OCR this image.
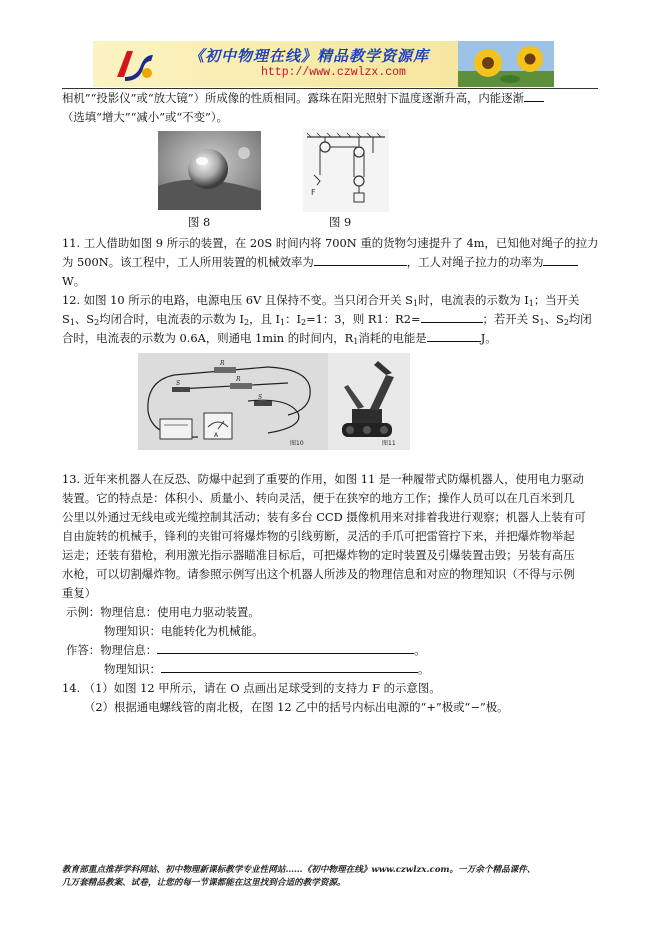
《初中物理在线》精品教学资源库
http://www.czwlzx.com
相机”“投影仪”或“放大镜”）所成像的性质相同。露珠在阳光照射下温度逐渐升高，内能逐渐
（选填“增大”“减小”或“不变”）。
图 8
F
图 9
11. 工人借助如图 9 所示的装置，在 20S 时间内将 700N 重的货物匀速提升了 4m，已知他对绳子的拉力
为 500N。该工程中，工人所用装置的机械效率为	，工人对绳子拉力的功率为
W。
12. 如图 10 所示的电路，电源电压 6V 且保持不变。当只闭合开关 $S_1$时，电流表的示数为 $I_1$；当开关
$S_1$、$S_2$均闭合时，电流表的示数为 $I_2$，且 $I_1$：$I_2=1$：3，则 R1：R2=	；若开关 $S_1$、$S_2$均闭
合时，电流表的示数为 0.6A，则通电 1min 的时间内，$R_1$消耗的电能是	J。
A
R
R
S
S
图10	图11
13. 近年来机器人在反恐、防爆中起到了重要的作用，如图 11 是一种履带式防爆机器人，使用电力驱动
装置。它的特点是：体积小、质量小、转向灵活，便于在狭窄的地方工作；操作人员可以在几百米到几
公里以外通过无线电或光缆控制其活动；装有多台 CCD 摄像机用来对排着我进行观察；机器人上装有可
自由旋转的机械手，锋利的夹钳可将爆炸物的引线剪断，灵活的手爪可把雷管拧下来，并把爆炸物举起
运走；还装有猎枪，利用激光指示器瞄准目标后，可把爆炸物的定时装置及引爆装置击毁；另装有高压
水枪，可以切割爆炸物。请参照示例写出这个机器人所涉及的物理信息和对应的物理知识（不得与示例
重复）
示例：物理信息：使用电力驱动装置。
物理知识：电能转化为机械能。
作答：物理信息：	。
物理知识：	。
14. （1）如图 12 甲所示，请在 O 点画出足球受到的支持力 F 的示意图。
（2）根据通电螺线管的南北极，在图 12 乙中的括号内标出电源的“+”极或“−”极。
教育部重点推荐学科网站、初中物理新课标教学专业性网站……《初中物理在线》www.czwlzx.com。一万余个精品课件、
几万套精品教案、试卷，让您的每一节课都能在这里找到合适的教学资源。
